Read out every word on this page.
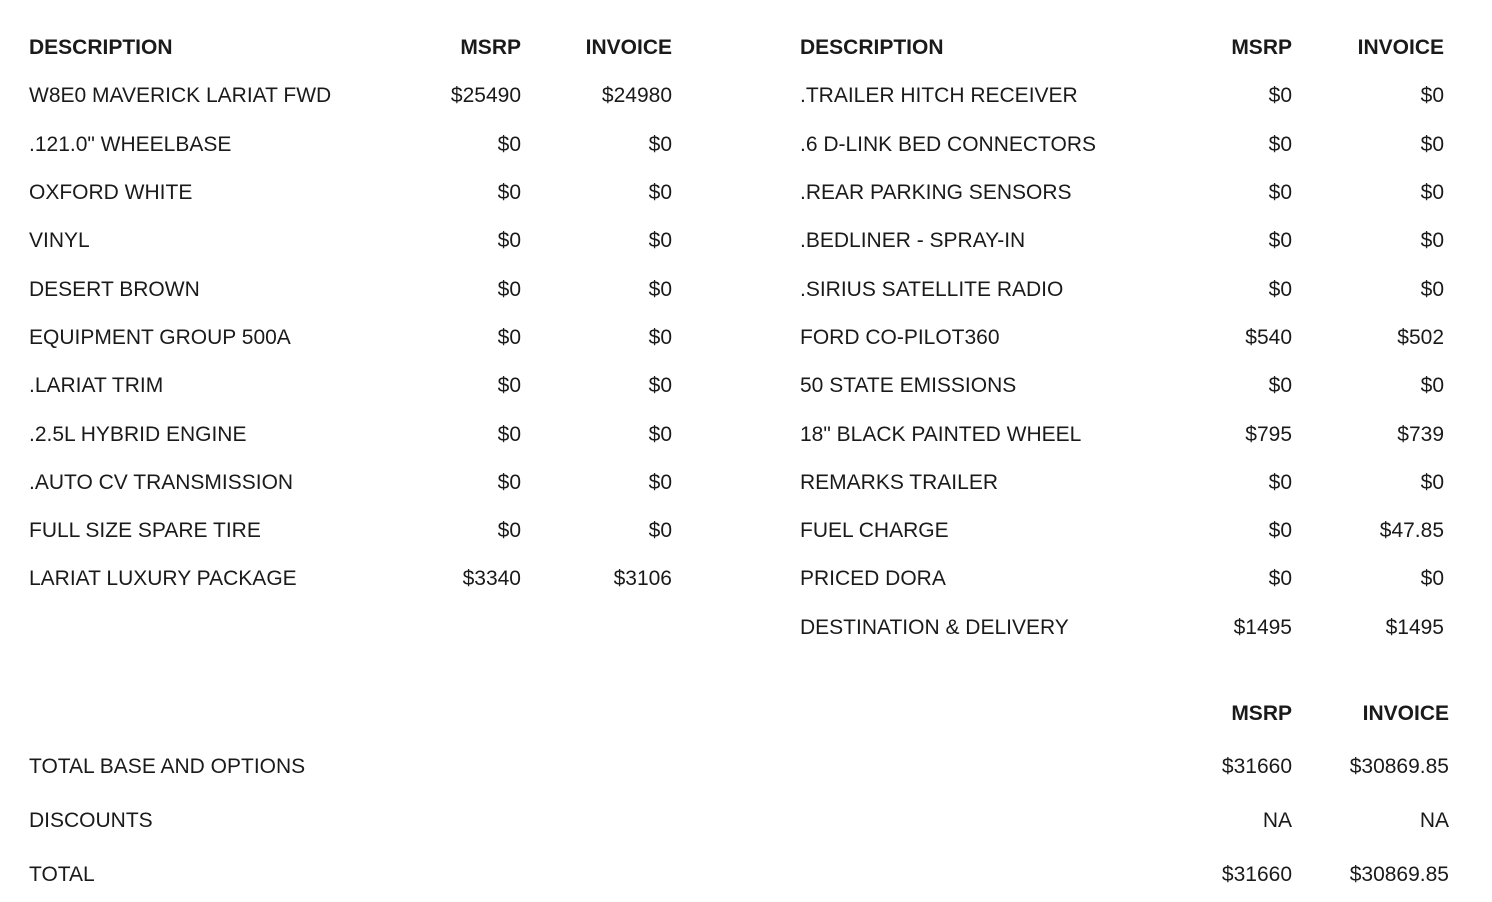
DESCRIPTION	MSRP	INVOICE
W8E0 MAVERICK LARIAT FWD	$25490	$24980
.121.0" WHEELBASE	$0	$0
OXFORD WHITE	$0	$0
VINYL	$0	$0
DESERT BROWN	$0	$0
EQUIPMENT GROUP 500A	$0	$0
.LARIAT TRIM	$0	$0
.2.5L HYBRID ENGINE	$0	$0
.AUTO CV TRANSMISSION	$0	$0
FULL SIZE SPARE TIRE	$0	$0
LARIAT LUXURY PACKAGE	$3340	$3106
DESCRIPTION	MSRP	INVOICE
.TRAILER HITCH RECEIVER	$0	$0
.6 D-LINK BED CONNECTORS	$0	$0
.REAR PARKING SENSORS	$0	$0
.BEDLINER - SPRAY-IN	$0	$0
.SIRIUS SATELLITE RADIO	$0	$0
FORD CO-PILOT360	$540	$502
50 STATE EMISSIONS	$0	$0
18" BLACK PAINTED WHEEL	$795	$739
REMARKS TRAILER	$0	$0
FUEL CHARGE	$0	$47.85
PRICED DORA	$0	$0
DESTINATION & DELIVERY	$1495	$1495
MSRP	INVOICE
TOTAL BASE AND OPTIONS	$31660	$30869.85
DISCOUNTS	NA	NA
TOTAL	$31660	$30869.85
